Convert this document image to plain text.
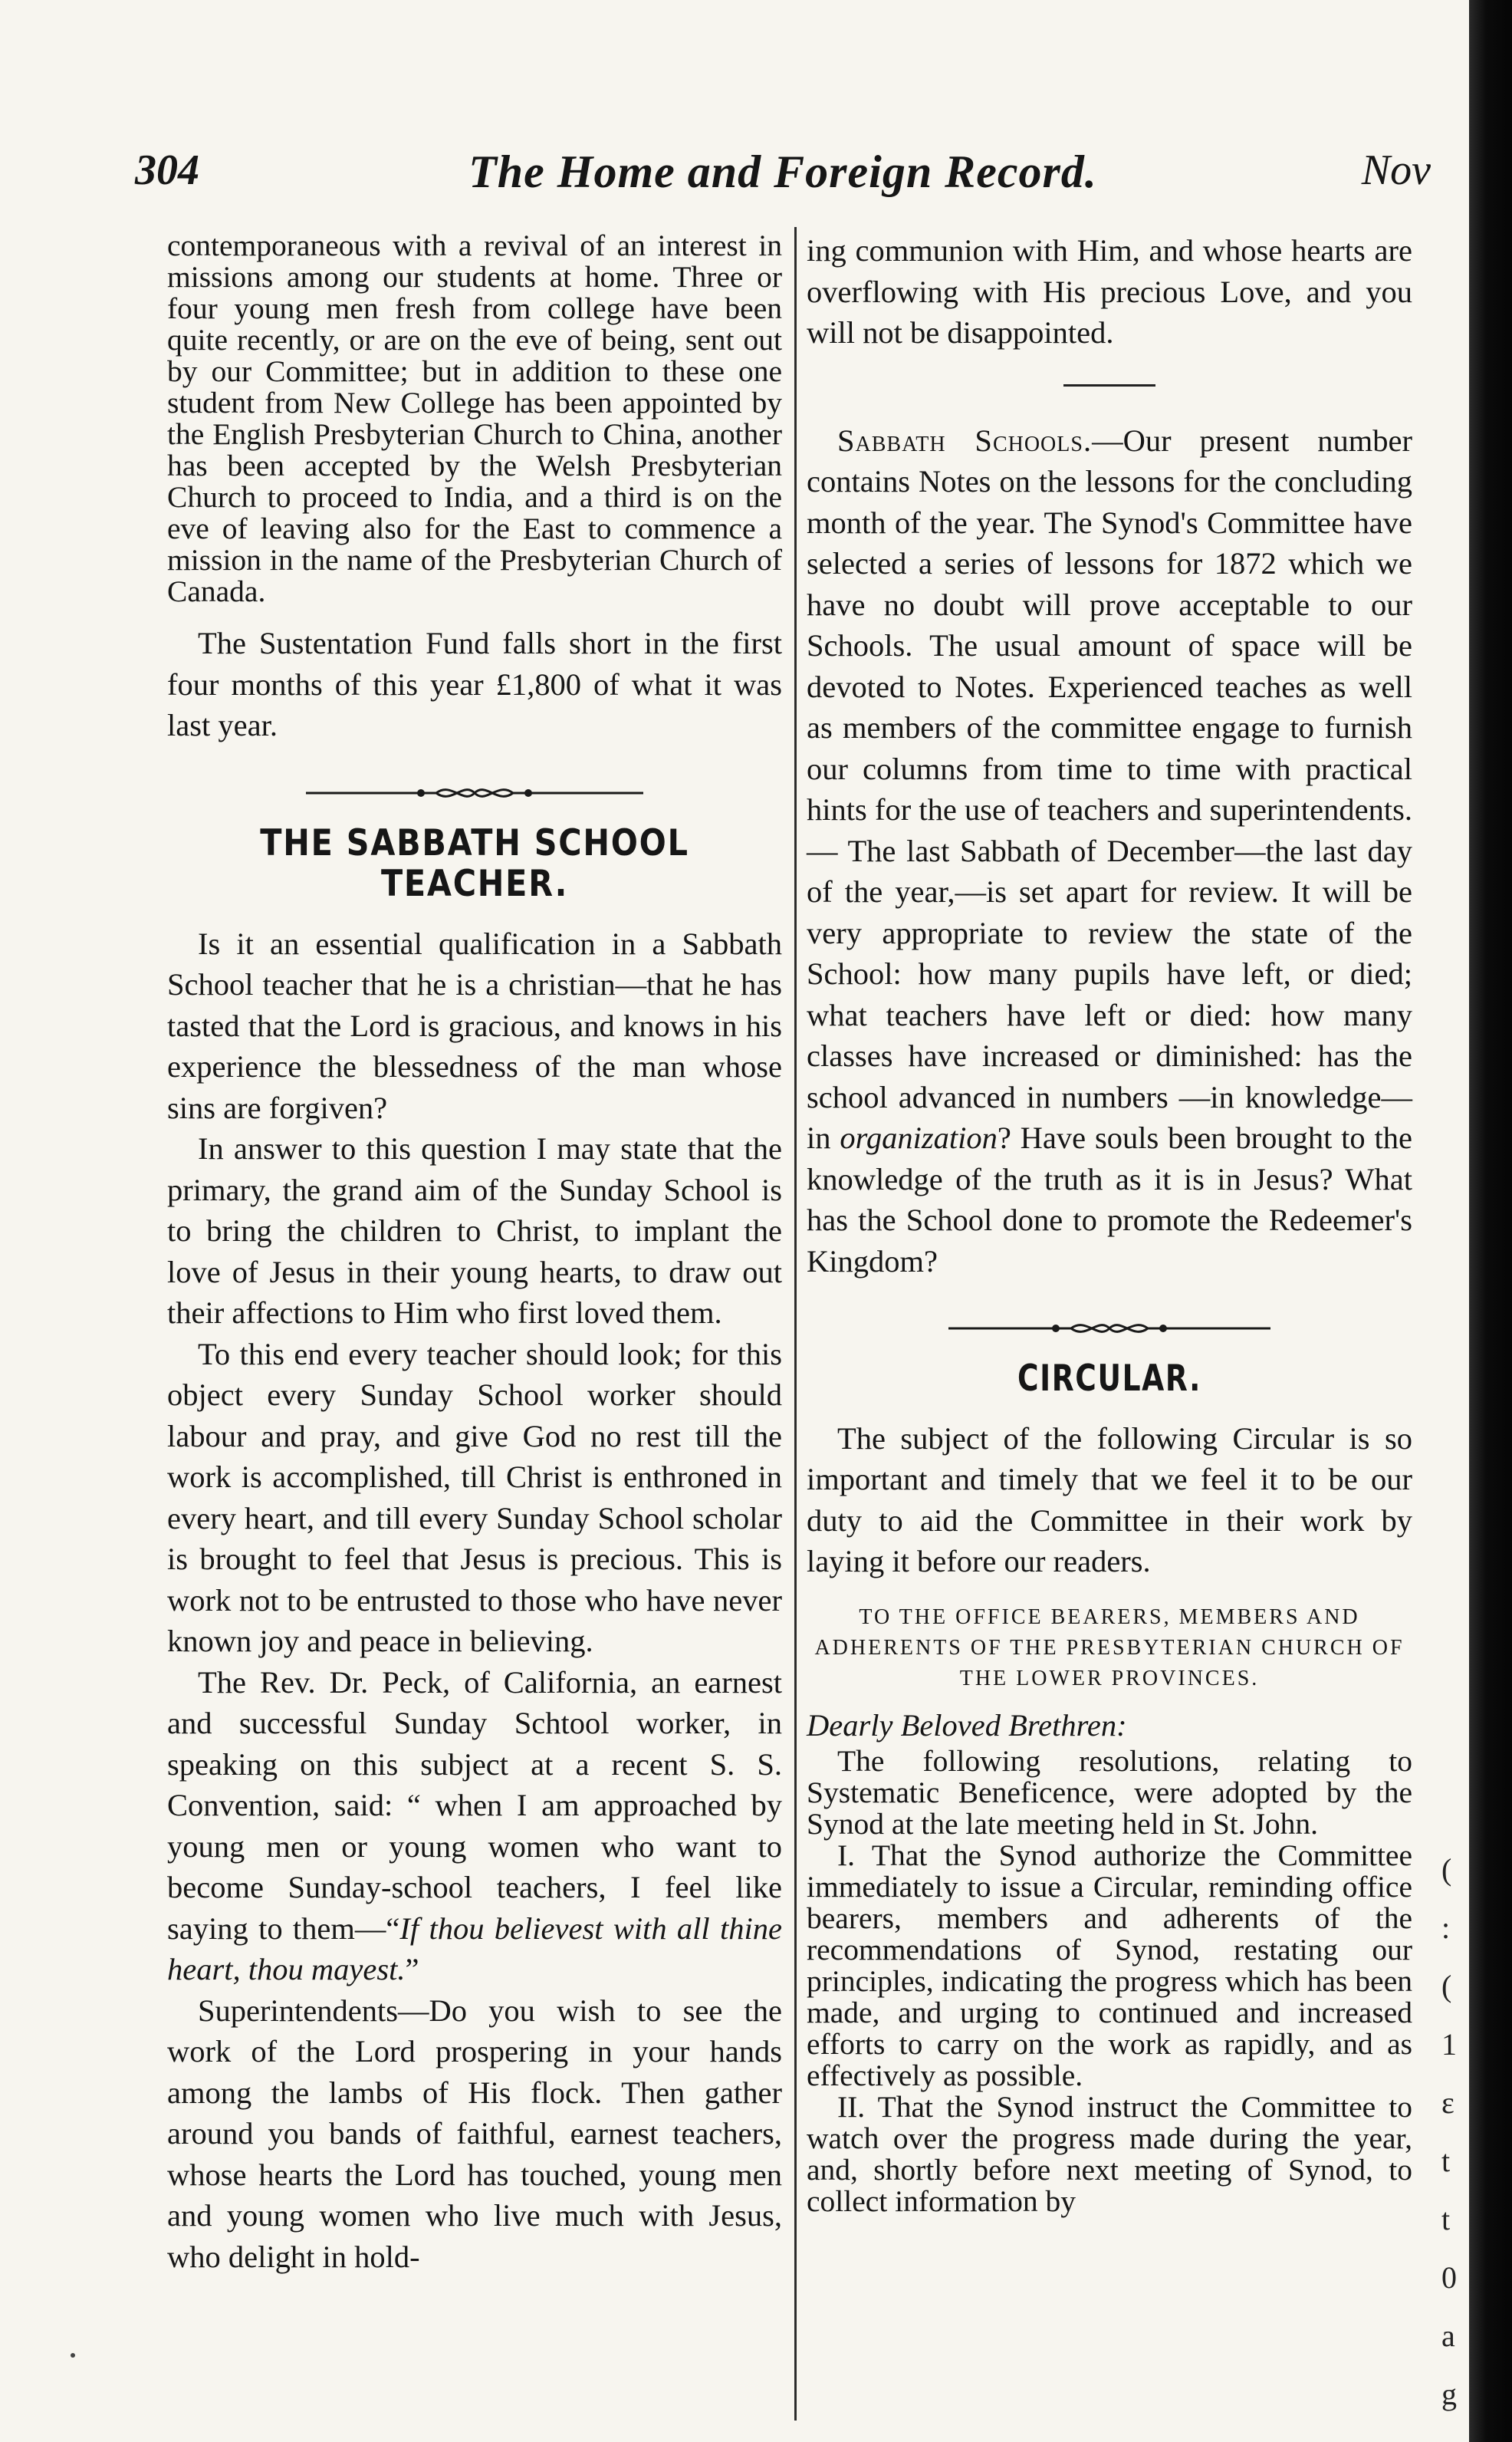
304	The Home and Foreign Record.	Nov

contemporaneous with a revival of an interest in missions among our students at home. Three or four young men fresh from college have been quite recently, or are on the eve of being, sent out by our Committee; but in addition to these one student from New College has been appointed by the English Presbyterian Church to China, another has been accepted by the Welsh Presbyterian Church to proceed to India, and a third is on the eve of leaving also for the East to commence a mission in the name of the Presbyterian Church of Canada.

The Sustentation Fund falls short in the first four months of this year £1,800 of what it was last year.

THE SABBATH SCHOOL TEACHER.

Is it an essential qualification in a Sabbath School teacher that he is a christian—that he has tasted that the Lord is gracious, and knows in his experience the blessedness of the man whose sins are forgiven?

In answer to this question I may state that the primary, the grand aim of the Sunday School is to bring the children to Christ, to implant the love of Jesus in their young hearts, to draw out their affections to Him who first loved them.

To this end every teacher should look; for this object every Sunday School worker should labour and pray, and give God no rest till the work is accomplished, till Christ is enthroned in every heart, and till every Sunday School scholar is brought to feel that Jesus is precious. This is work not to be entrusted to those who have never known joy and peace in believing.

The Rev. Dr. Peck, of California, an earnest and successful Sunday Schtool worker, in speaking on this subject at a recent S. S. Convention, said: “ when I am approached by young men or young women who want to become Sunday-school teachers, I feel like saying to them—“If thou believest with all thine heart, thou mayest.”

Superintendents—Do you wish to see the work of the Lord prospering in your hands among the lambs of His flock. Then gather around you bands of faithful, earnest teachers, whose hearts the Lord has touched, young men and young women who live much with Jesus, who delight in hold-

ing communion with Him, and whose hearts are overflowing with His precious Love, and you will not be disappointed.

Sabbath Schools.—Our present number contains Notes on the lessons for the concluding month of the year. The Synod's Committee have selected a series of lessons for 1872 which we have no doubt will prove acceptable to our Schools. The usual amount of space will be devoted to Notes. Experienced teaches as well as members of the committee engage to furnish our columns from time to time with practical hints for the use of teachers and superintendents.— The last Sabbath of December—the last day of the year,—is set apart for review. It will be very appropriate to review the state of the School: how many pupils have left, or died; what teachers have left or died: how many classes have increased or diminished: has the school advanced in numbers —in knowledge—in organization? Have souls been brought to the knowledge of the truth as it is in Jesus? What has the School done to promote the Redeemer's Kingdom?

CIRCULAR.

The subject of the following Circular is so important and timely that we feel it to be our duty to aid the Committee in their work by laying it before our readers.

TO THE OFFICE BEARERS, MEMBERS AND ADHERENTS OF THE PRESBYTERIAN CHURCH OF THE LOWER PROVINCES.

Dearly Beloved Brethren:

The following resolutions, relating to Systematic Beneficence, were adopted by the Synod at the late meeting held in St. John.

I. That the Synod authorize the Committee immediately to issue a Circular, reminding office bearers, members and adherents of the recommendations of Synod, restating our principles, indicating the progress which has been made, and urging to continued and increased efforts to carry on the work as rapidly, and as effectively as possible.

II. That the Synod instruct the Committee to watch over the progress made during the year, and, shortly before next meeting of Synod, to collect information by

(
:
(
1
ε
t
t
0
a
g
